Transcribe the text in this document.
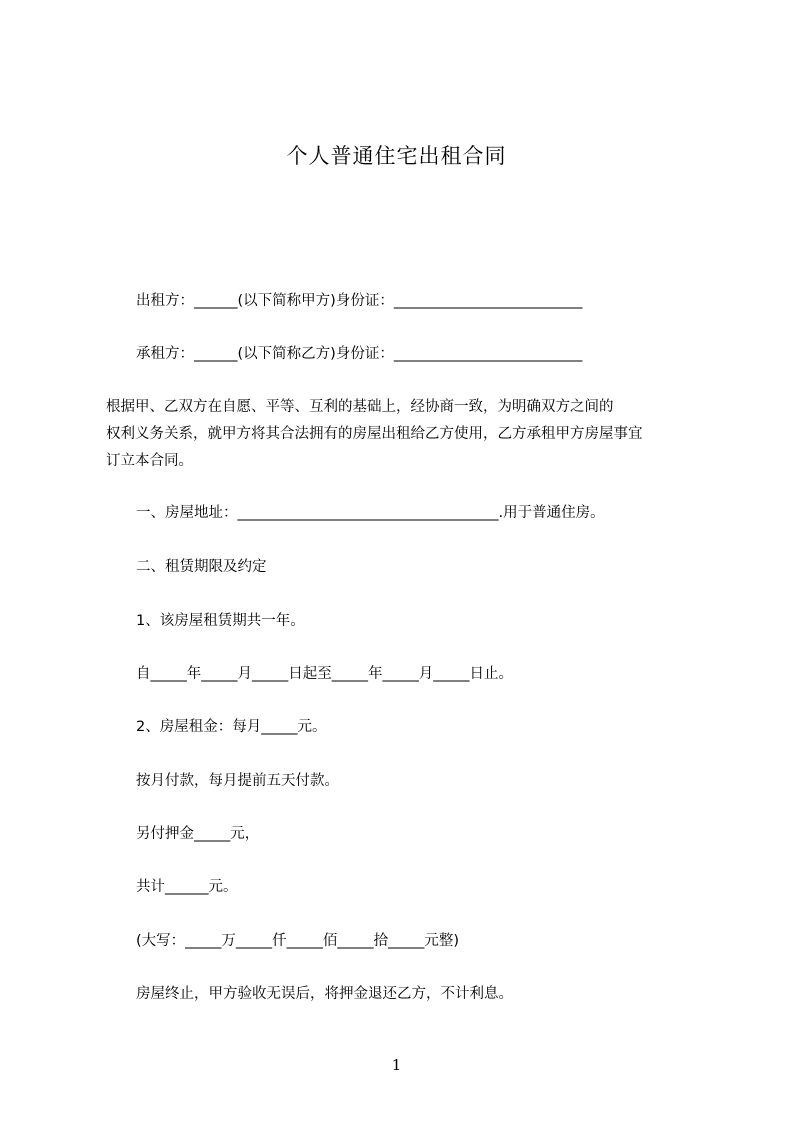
个人普通住宅出租合同
出租方：______(以下简称甲方)身份证：__________________________
承租方：______(以下简称乙方)身份证：__________________________
根据甲、乙双方在自愿、平等、互利的基础上，经协商一致，为明确双方之间的
权利义务关系，就甲方将其合法拥有的房屋出租给乙方使用，乙方承租甲方房屋事宜
订立本合同。
一、房屋地址：____________________________________.用于普通住房。
二、租赁期限及约定
1、该房屋租赁期共一年。
自_____年_____月_____日起至_____年_____月_____日止。
2、房屋租金：每月_____元。
按月付款，每月提前五天付款。
另付押金_____元，
共计______元。
(大写：_____万_____仟_____佰_____拾_____元整)
房屋终止，甲方验收无误后，将押金退还乙方，不计利息。
1
